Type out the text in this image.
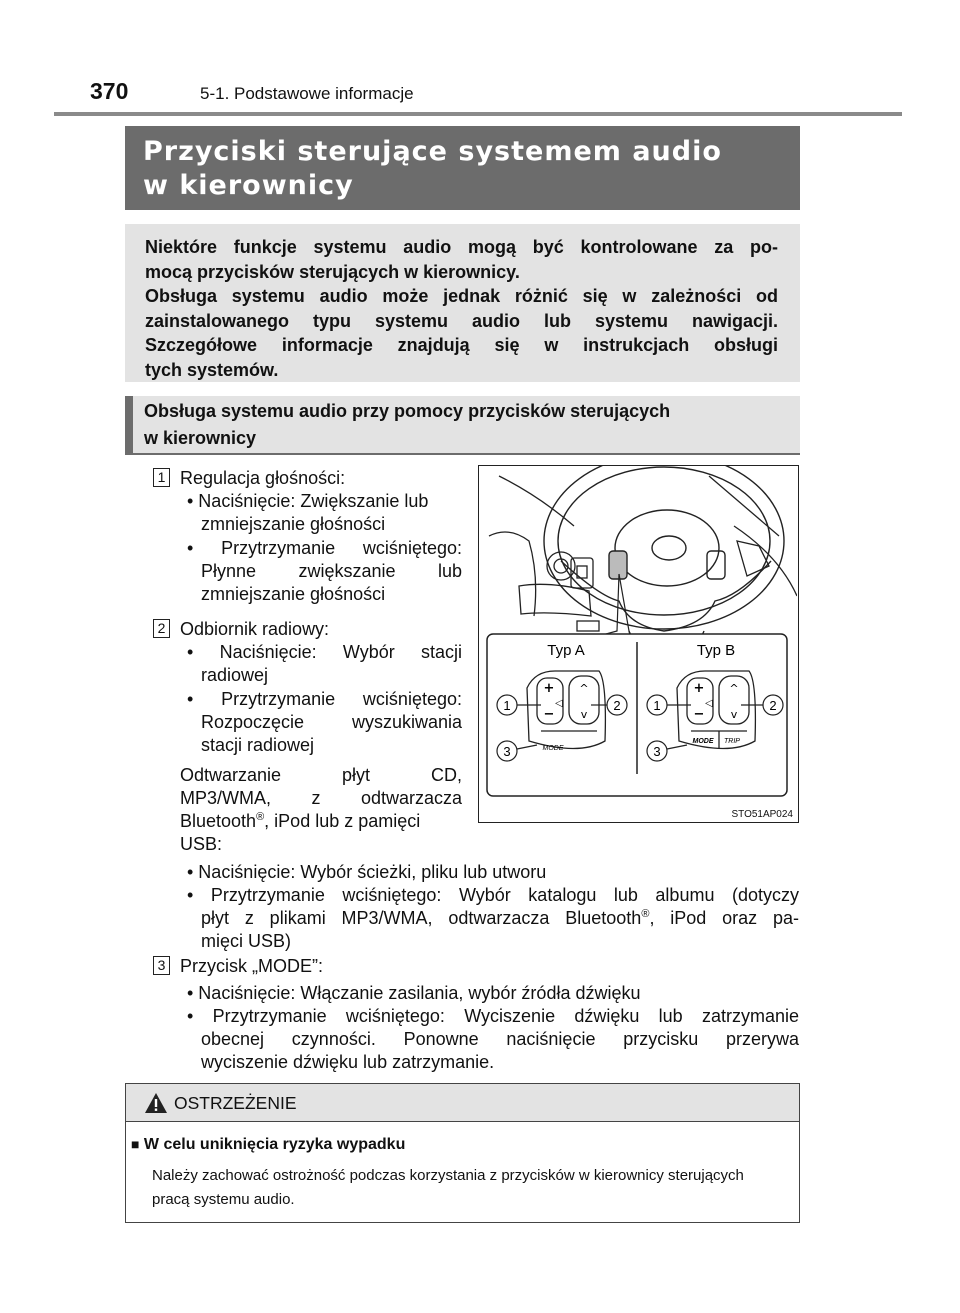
370	5-1. Podstawowe informacje
Przyciski sterujące systemem audio
w kierownicy
Niektóre funkcje systemu audio mogą być kontrolowane za po-
mocą przycisków sterujących w kierownicy.
Obsługa systemu audio może jednak różnić się w zależności od
zainstalowanego typu systemu audio lub systemu nawigacji.
Szczegółowe informacje znajdują się w instrukcjach obsługi
tych systemów.
Obsługa systemu audio przy pomocy przycisków sterujących
w kierownicy
1 Regulacja głośności:
• Naciśnięcie: Zwiększanie lub
zmniejszanie głośności
• Przytrzymanie wciśniętego:
Płynne zwiększanie lub
zmniejszanie głośności
2 Odbiornik radiowy:
• Naciśnięcie: Wybór stacji
radiowej
• Przytrzymanie wciśniętego:
Rozpoczęcie wyszukiwania
stacji radiowej
Odtwarzanie płyt CD,
MP3/WMA, z odtwarzacza
Bluetooth®, iPod lub z pamięci
USB:
• Naciśnięcie: Wybór ścieżki, pliku lub utworu
• Przytrzymanie wciśniętego: Wybór katalogu lub albumu (dotyczy
płyt z plikami MP3/WMA, odtwarzacza Bluetooth®, iPod oraz pa-
mięci USB)
3 Przycisk „MODE”:
• Naciśnięcie: Włączanie zasilania, wybór źródła dźwięku
• Przytrzymanie wciśniętego: Wyciszenie dźwięku lub zatrzymanie
obecnej czynności. Ponowne naciśnięcie przycisku przerywa
wyciszenie dźwięku lub zatrzymanie.
Typ A	Typ B
+
−
◁
^
v
MODE
+
−
◁
^
v
MODE TRIP
1	2
3
1	2
3
STO51AP024
OSTRZEŻENIE
■ W celu uniknięcia ryzyka wypadku
Należy zachować ostrożność podczas korzystania z przycisków w kierownicy sterujących pracą systemu audio.
